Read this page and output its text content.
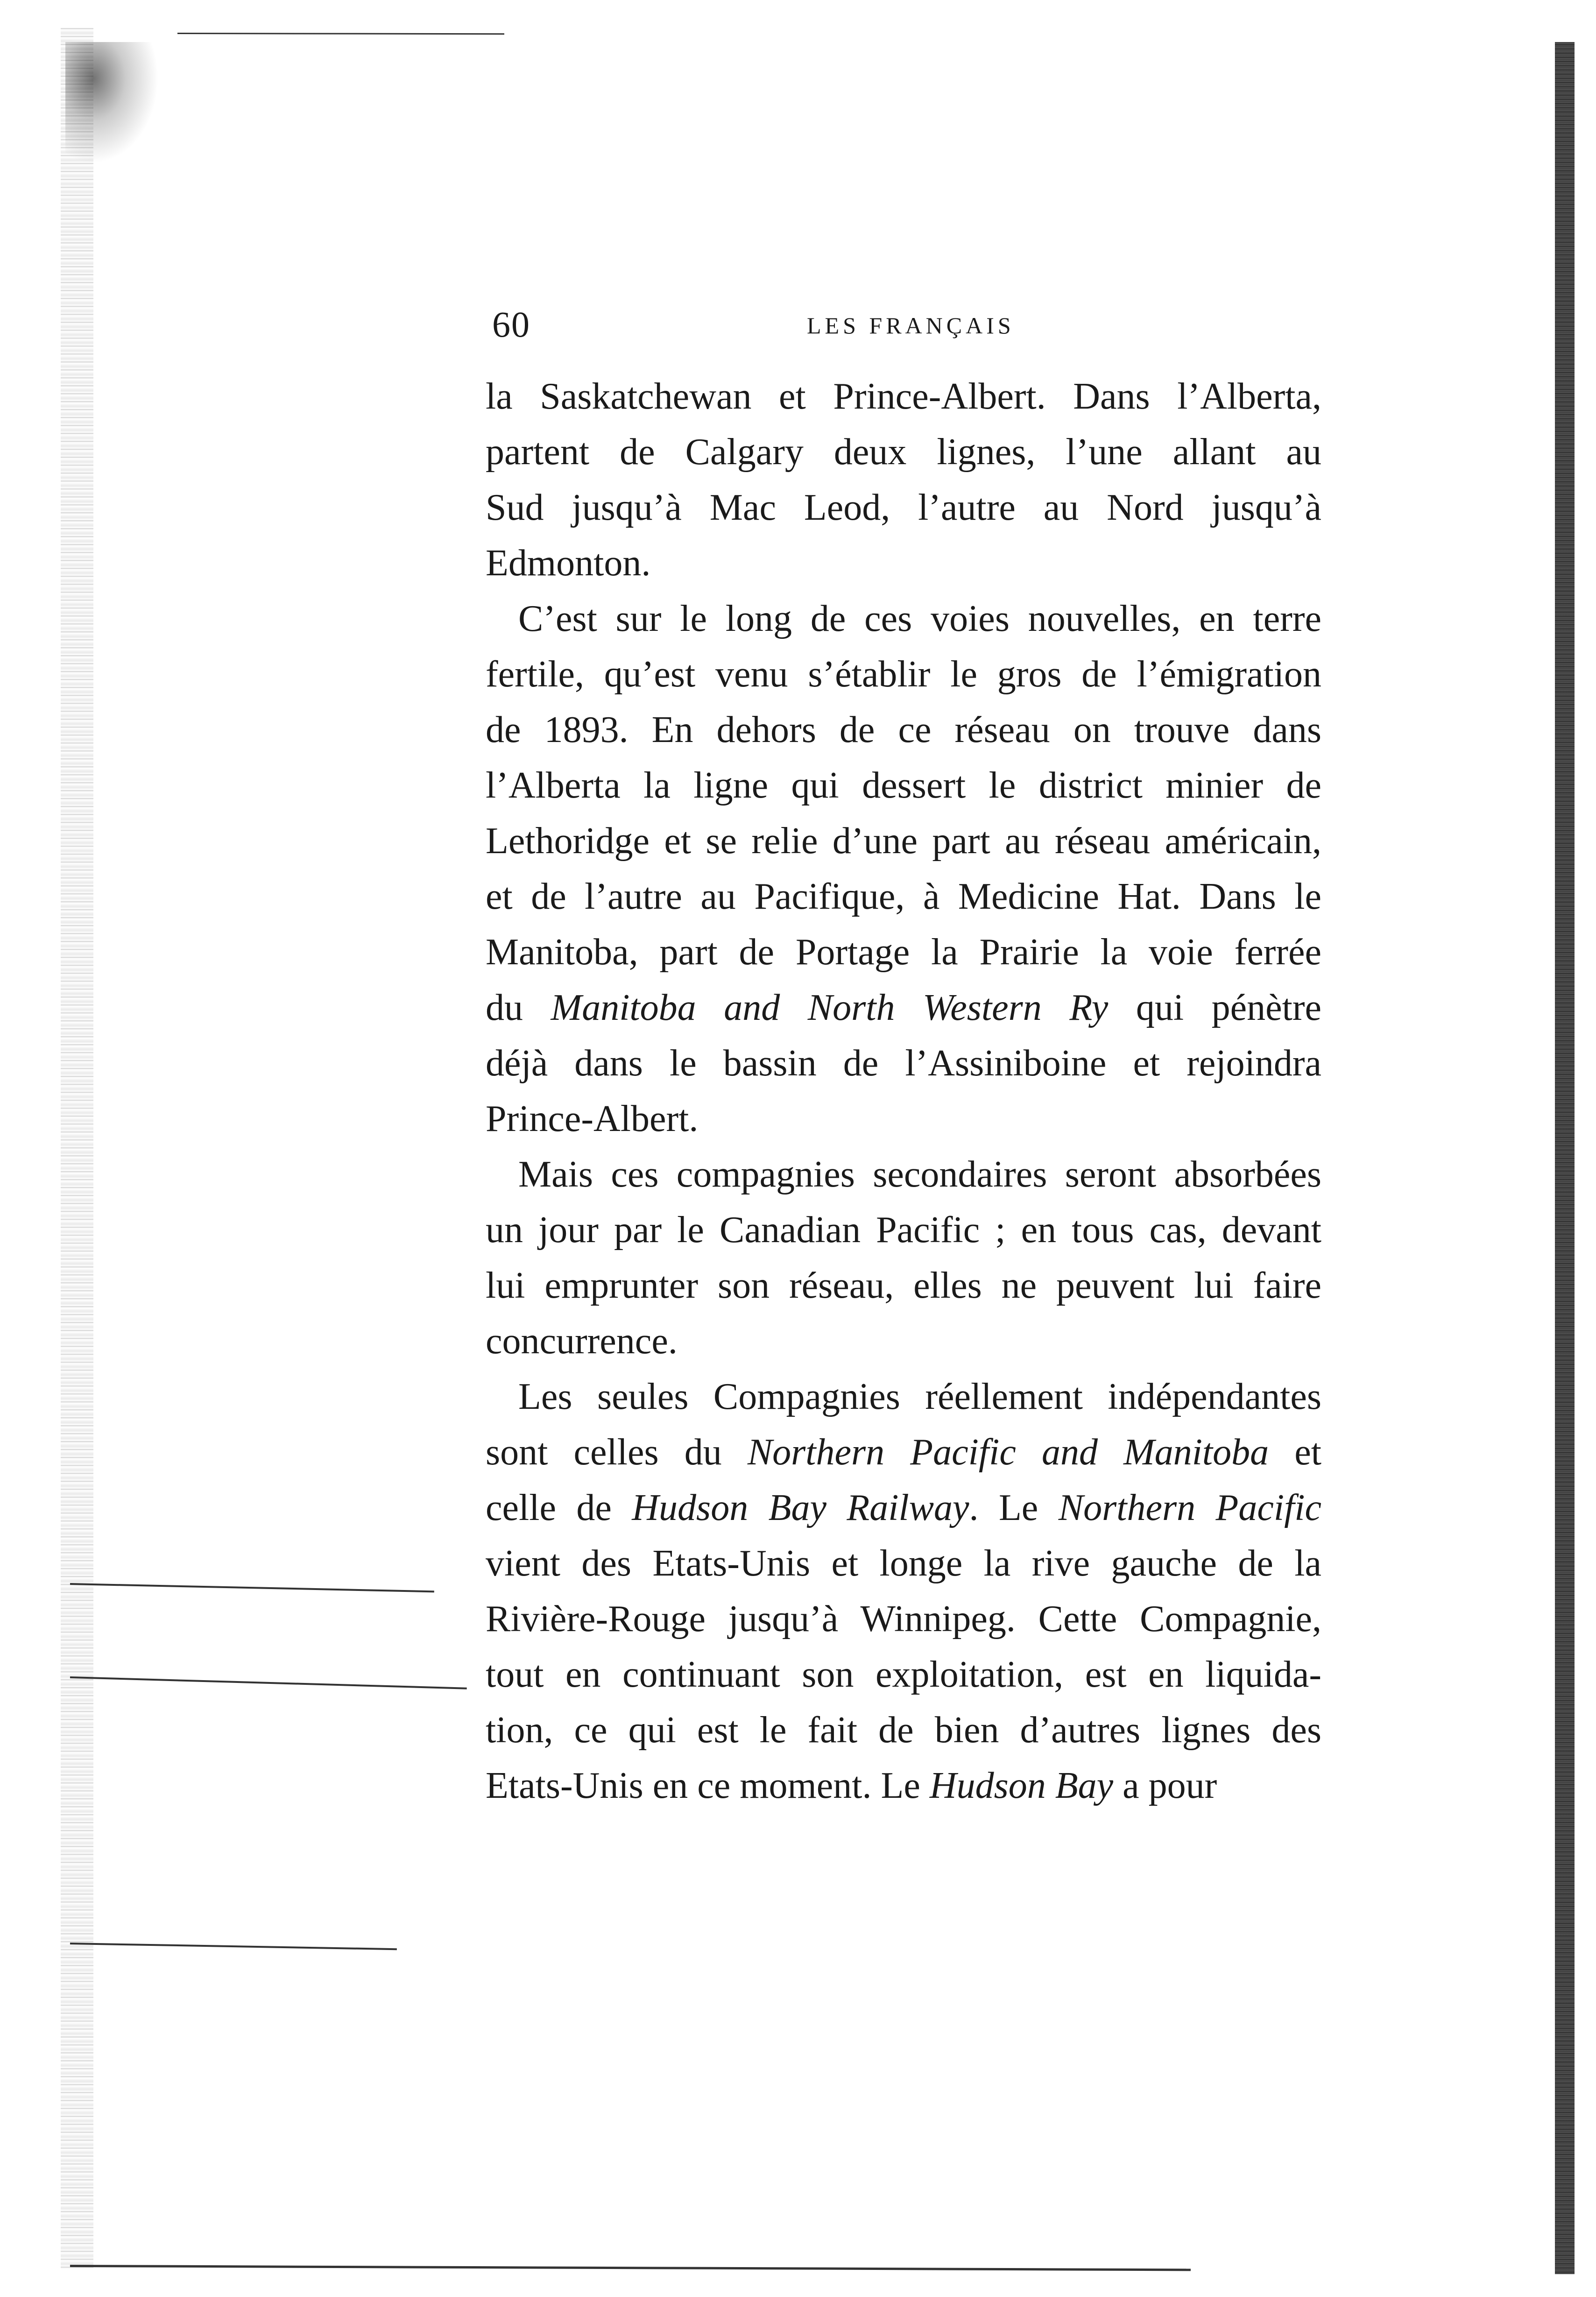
60	LES FRANÇAIS
la Saskatchewan et Prince-Albert. Dans l’Alberta,
partent de Calgary deux lignes, l’une allant au
Sud jusqu’à Mac Leod, l’autre au Nord jusqu’à
Edmonton.
C’est sur le long de ces voies nouvelles, en terre
fertile, qu’est venu s’établir le gros de l’émigration
de 1893. En dehors de ce réseau on trouve dans
l’Alberta la ligne qui dessert le district minier de
Lethoridge et se relie d’une part au réseau américain,
et de l’autre au Pacifique, à Medicine Hat. Dans le
Manitoba, part de Portage la Prairie la voie ferrée
du Manitoba and North Western Ry qui pénètre
déjà dans le bassin de l’Assiniboine et rejoindra
Prince-Albert.
Mais ces compagnies secondaires seront absorbées
un jour par le Canadian Pacific ; en tous cas, devant
lui emprunter son réseau, elles ne peuvent lui faire
concurrence.
Les seules Compagnies réellement indépendantes
sont celles du Northern Pacific and Manitoba et
celle de Hudson Bay Railway. Le Northern Pacific
vient des Etats-Unis et longe la rive gauche de la
Rivière-Rouge jusqu’à Winnipeg. Cette Compagnie,
tout en continuant son exploitation, est en liquida-
tion, ce qui est le fait de bien d’autres lignes des
Etats-Unis en ce moment. Le Hudson Bay a pour
